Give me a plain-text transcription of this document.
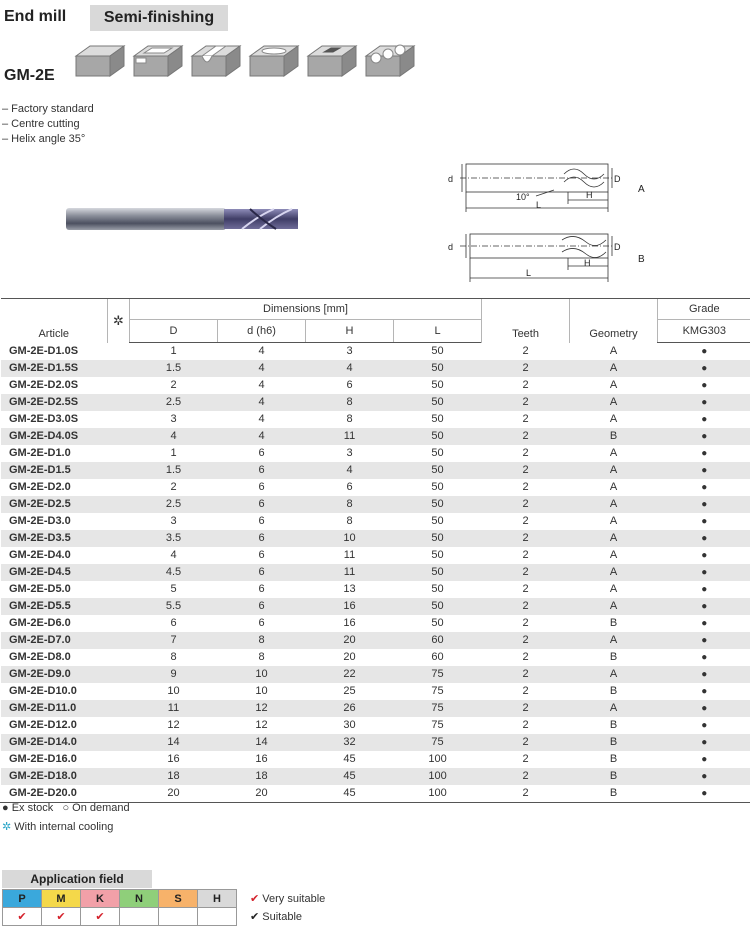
End mill	Semi-finishing
GM-2E
– Factory standard
– Centre cutting
– Helix angle 35°
d	D
H
L
10°
A
d	D
H
L
B
Article	✲	Dimensions [mm]				Teeth	Geometry	Grade
		D	d (h6)	H	L			KMG303
GM-2E-D1.0S		1	4	3	50	2	A	●
GM-2E-D1.5S		1.5	4	4	50	2	A	●
GM-2E-D2.0S		2	4	6	50	2	A	●
GM-2E-D2.5S		2.5	4	8	50	2	A	●
GM-2E-D3.0S		3	4	8	50	2	A	●
GM-2E-D4.0S		4	4	11	50	2	B	●
GM-2E-D1.0		1	6	3	50	2	A	●
GM-2E-D1.5		1.5	6	4	50	2	A	●
GM-2E-D2.0		2	6	6	50	2	A	●
GM-2E-D2.5		2.5	6	8	50	2	A	●
GM-2E-D3.0		3	6	8	50	2	A	●
GM-2E-D3.5		3.5	6	10	50	2	A	●
GM-2E-D4.0		4	6	11	50	2	A	●
GM-2E-D4.5		4.5	6	11	50	2	A	●
GM-2E-D5.0		5	6	13	50	2	A	●
GM-2E-D5.5		5.5	6	16	50	2	A	●
GM-2E-D6.0		6	6	16	50	2	B	●
GM-2E-D7.0		7	8	20	60	2	A	●
GM-2E-D8.0		8	8	20	60	2	B	●
GM-2E-D9.0		9	10	22	75	2	A	●
GM-2E-D10.0		10	10	25	75	2	B	●
GM-2E-D11.0		11	12	26	75	2	A	●
GM-2E-D12.0		12	12	30	75	2	B	●
GM-2E-D14.0		14	14	32	75	2	B	●
GM-2E-D16.0		16	16	45	100	2	B	●
GM-2E-D18.0		18	18	45	100	2	B	●
GM-2E-D20.0		20	20	45	100	2	B	●
● Ex stock ○ On demand
✲ With internal cooling
Application field
P	M	K	N	S	H
✔	✔	✔			
✔ Very suitable
✔ Suitable
